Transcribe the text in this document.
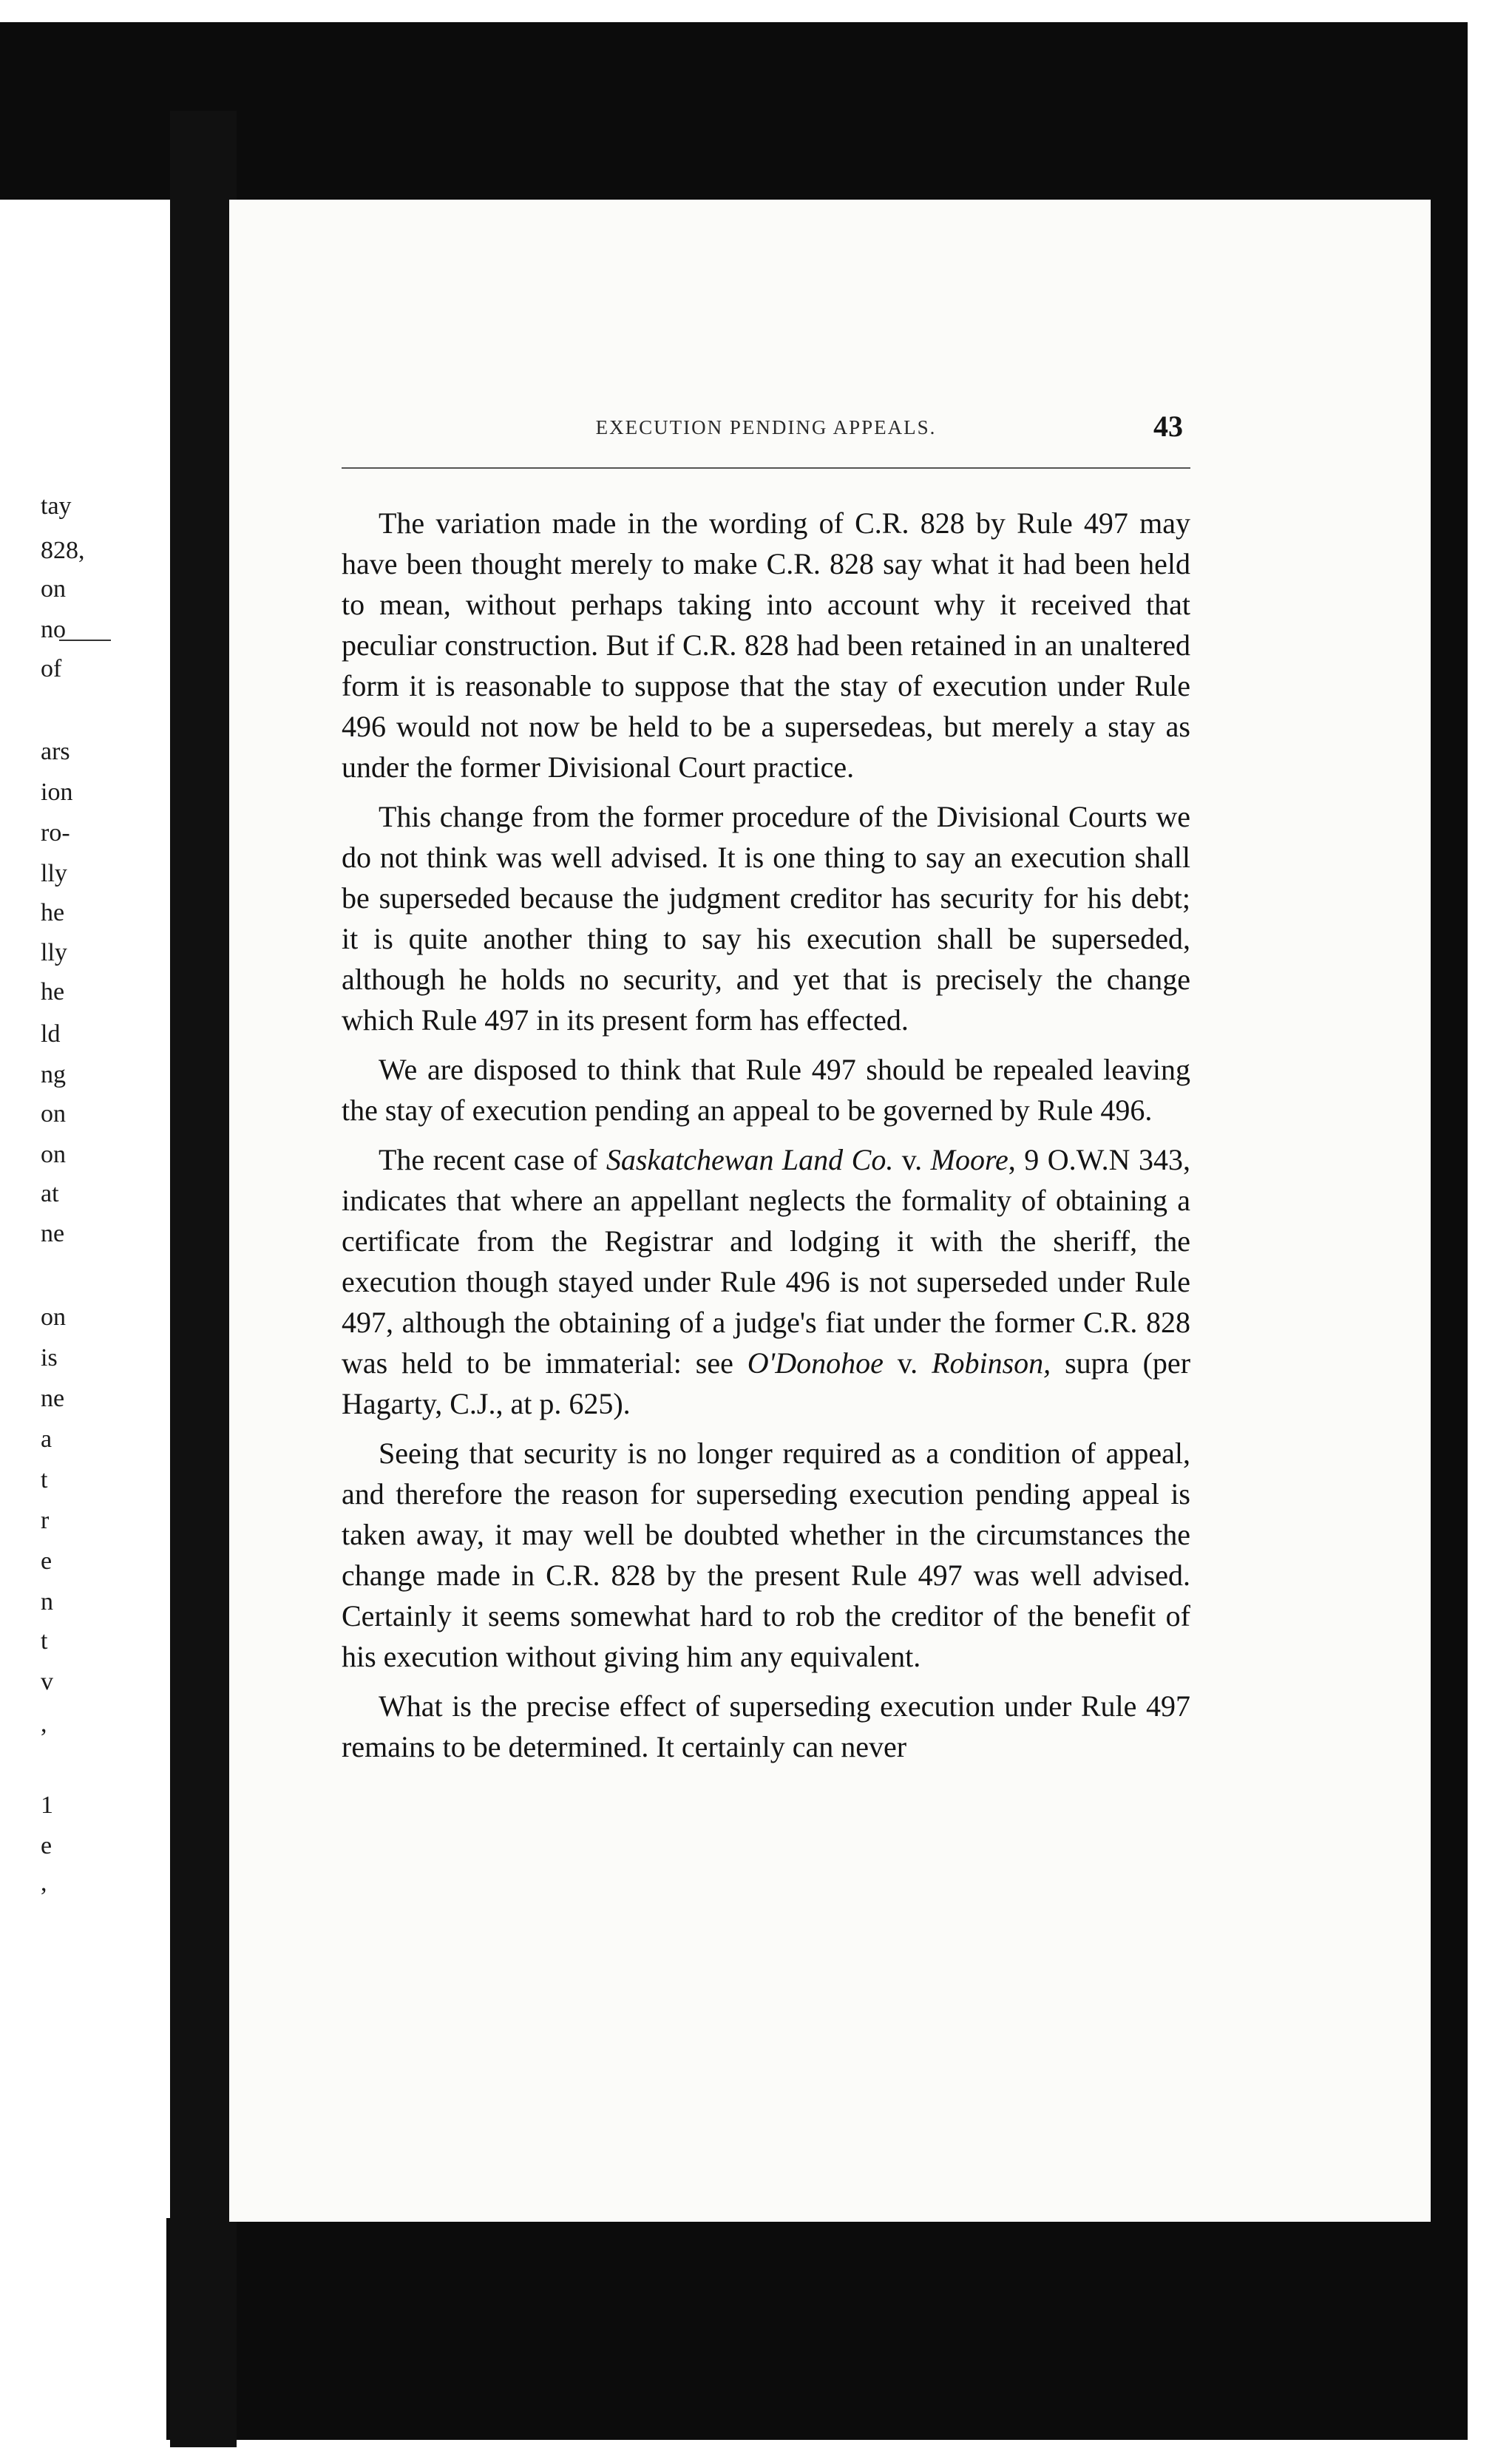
tay
828,
on
no
of
ars
ion
ro-
lly
he
lly
he
ld
ng
on
on
at
ne
on
is
ne
a
t
r
e
n
t
v
,
1
e
,
EXECUTION PENDING APPEALS.	43

The variation made in the wording of C.R. 828 by Rule 497 may have been thought merely to make C.R. 828 say what it had been held to mean, without perhaps taking into account why it received that peculiar construction. But if C.R. 828 had been retained in an unaltered form it is reasonable to suppose that the stay of execution under Rule 496 would not now be held to be a supersedeas, but merely a stay as under the former Divisional Court practice.

This change from the former procedure of the Divisional Courts we do not think was well advised. It is one thing to say an execution shall be superseded because the judgment creditor has security for his debt; it is quite another thing to say his execution shall be superseded, although he holds no security, and yet that is precisely the change which Rule 497 in its present form has effected.

We are disposed to think that Rule 497 should be repealed leaving the stay of execution pending an appeal to be governed by Rule 496.

The recent case of Saskatchewan Land Co. v. Moore, 9 O.W.N 343, indicates that where an appellant neglects the formality of obtaining a certificate from the Registrar and lodging it with the sheriff, the execution though stayed under Rule 496 is not superseded under Rule 497, although the obtaining of a judge's fiat under the former C.R. 828 was held to be immaterial: see O'Donohoe v. Robinson, supra (per Hagarty, C.J., at p. 625).

Seeing that security is no longer required as a condition of appeal, and therefore the reason for superseding execution pending appeal is taken away, it may well be doubted whether in the circumstances the change made in C.R. 828 by the present Rule 497 was well advised. Certainly it seems somewhat hard to rob the creditor of the benefit of his execution without giving him any equivalent.

What is the precise effect of superseding execution under Rule 497 remains to be determined. It certainly can never
